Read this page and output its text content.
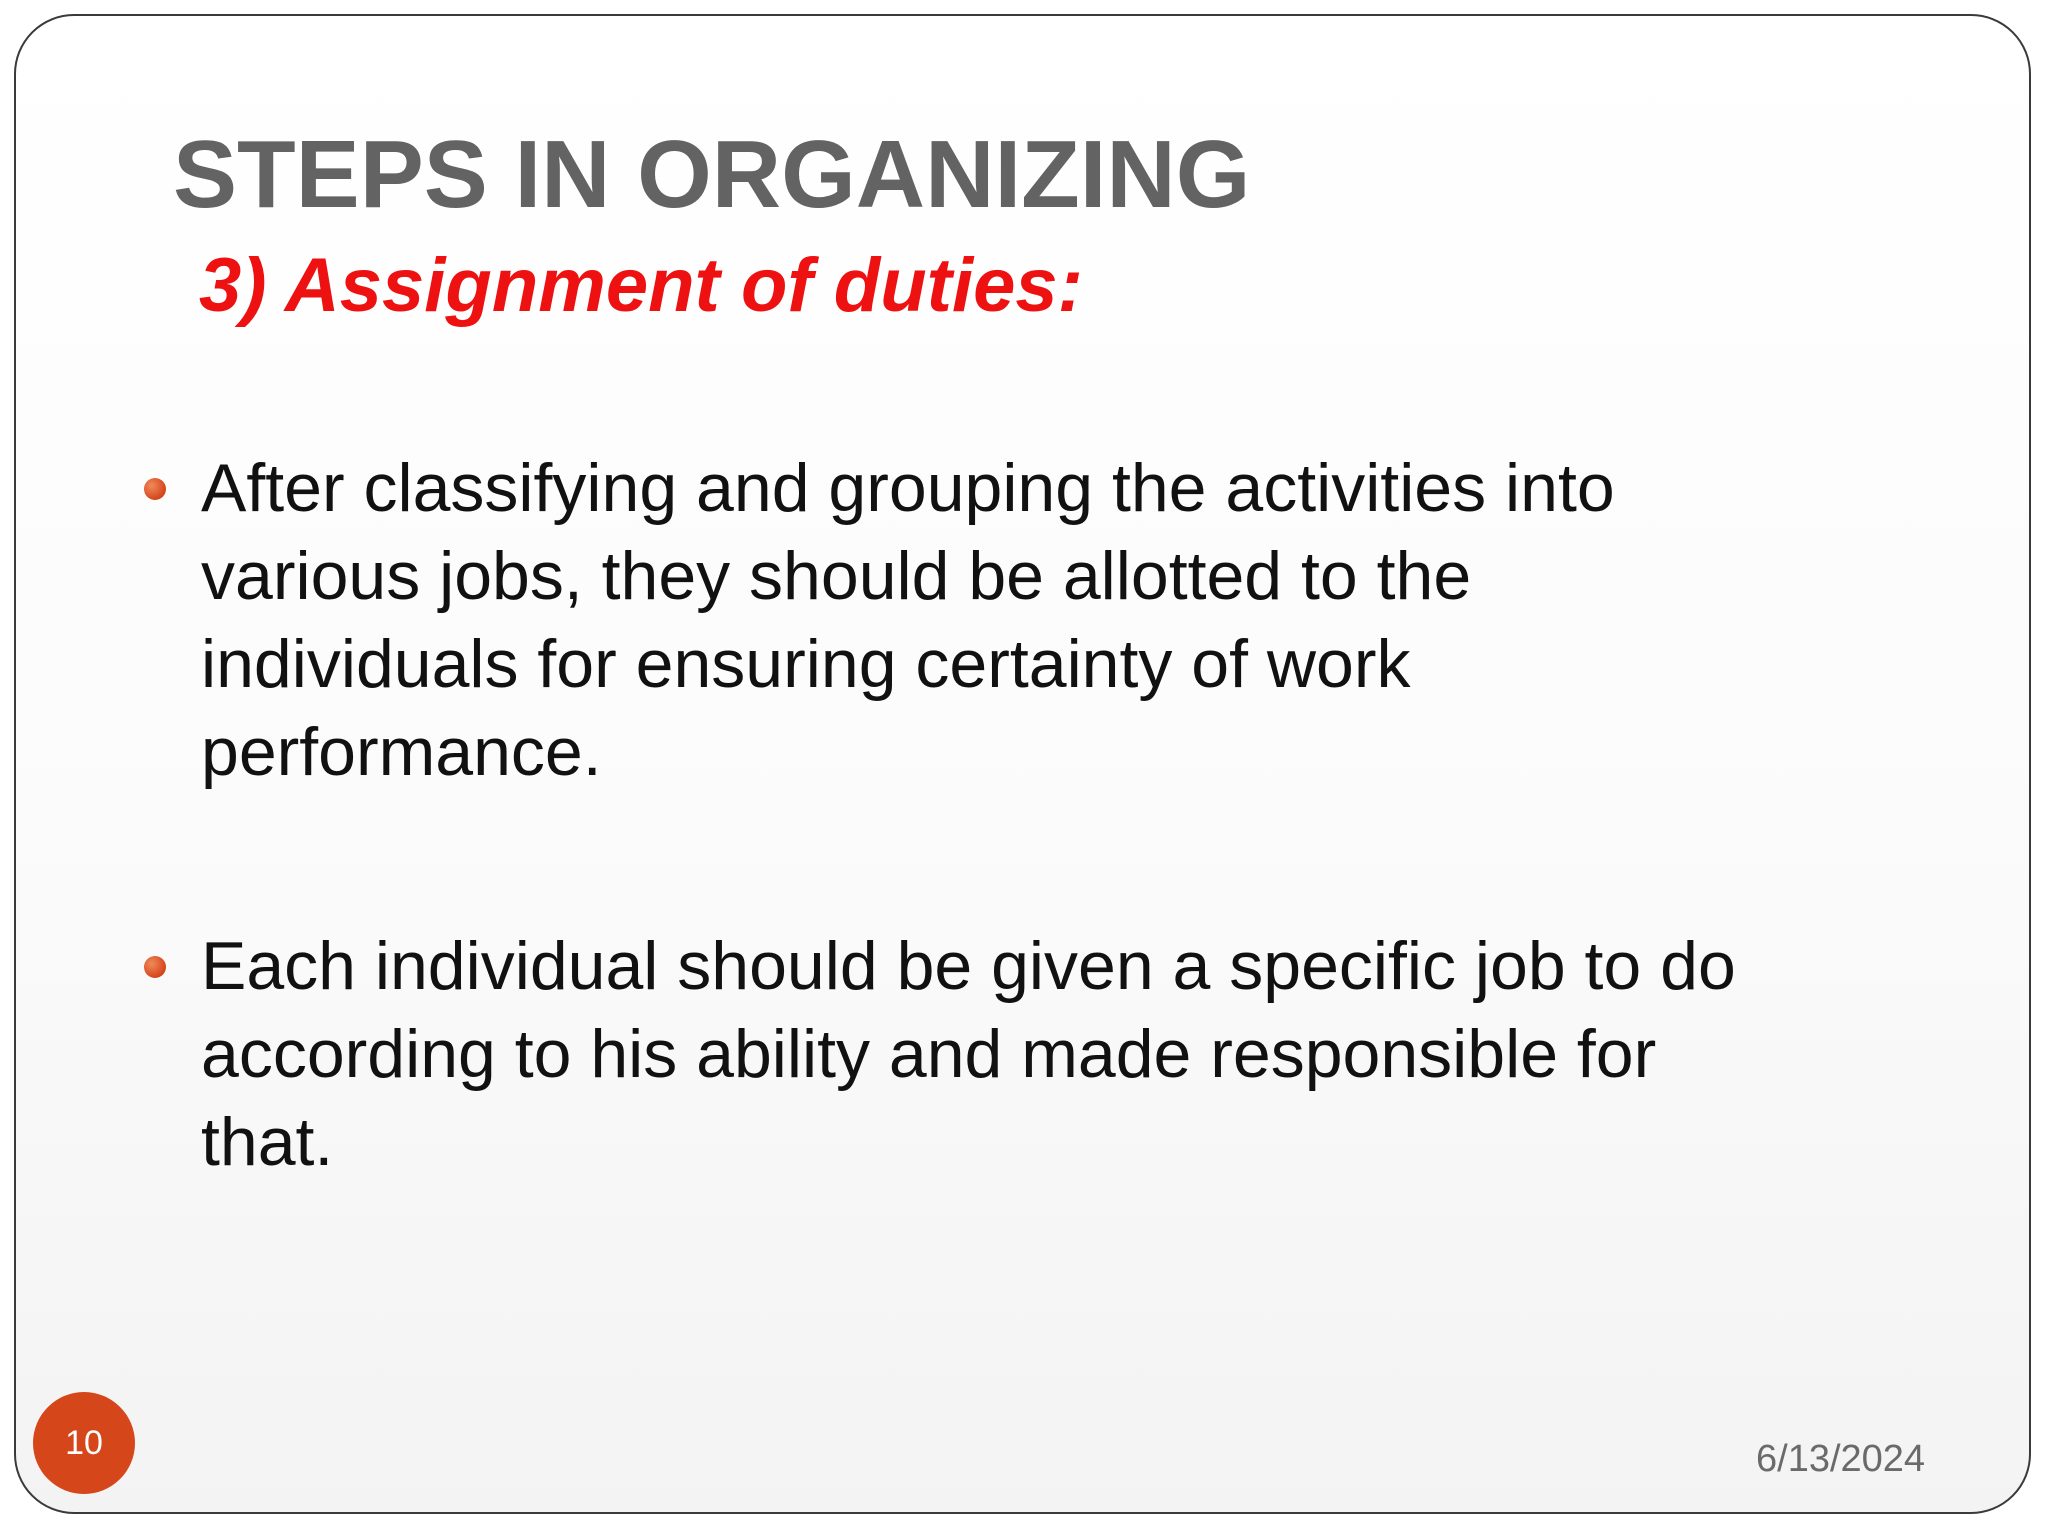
STEPS IN ORGANIZING
3) Assignment of duties:
After classifying and grouping the activities into
various jobs, they should be allotted to the
individuals for ensuring certainty of work
performance.
Each individual should be given a specific job to do
according to his ability and made responsible for
that.
6/13/2024
10
